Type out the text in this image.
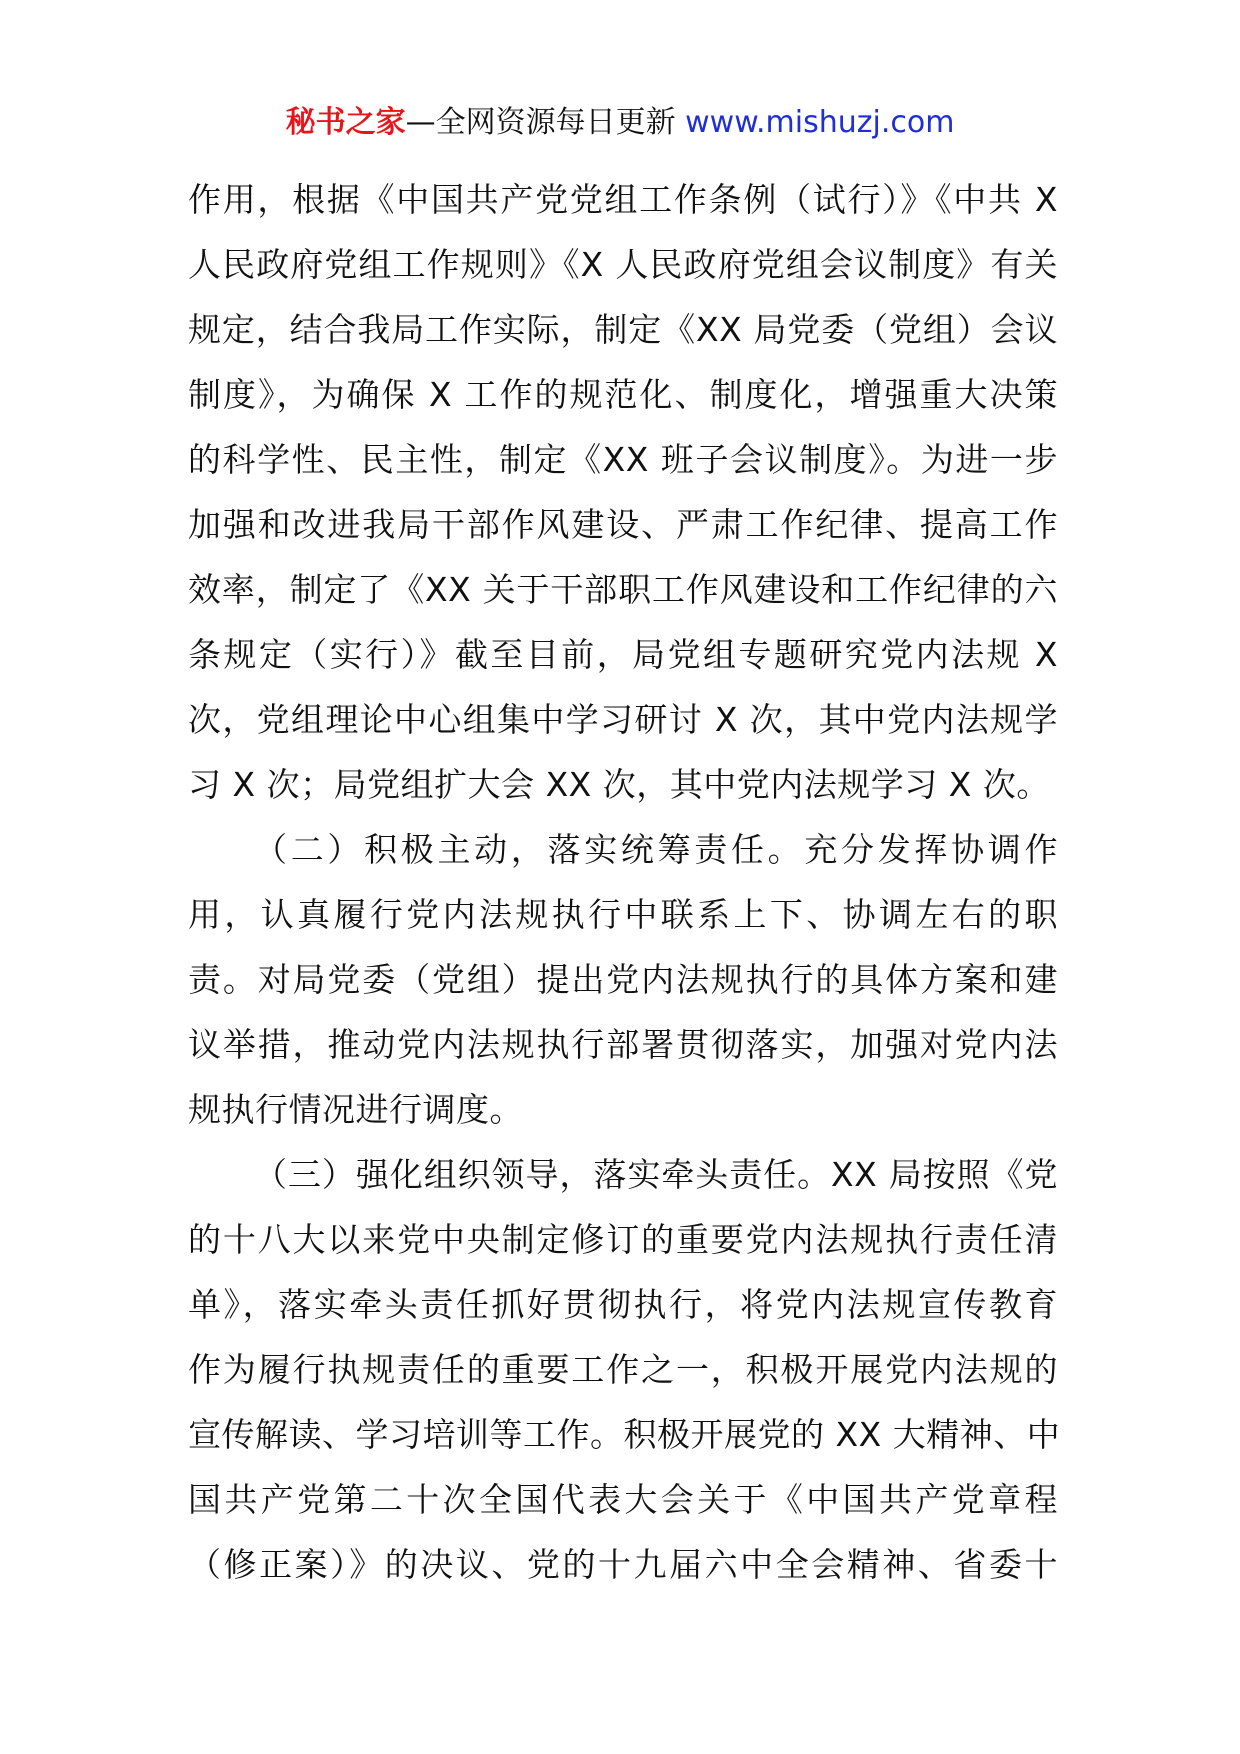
秘书之家—全网资源每日更新 www.mishuzj.com
作用，根据《中国共产党党组工作条例（试行）》《中共 X
人民政府党组工作规则》《X 人民政府党组会议制度》有关
规定，结合我局工作实际，制定《XX 局党委（党组）会议
制度》，为确保 X 工作的规范化、制度化，增强重大决策
的科学性、民主性，制定《XX 班子会议制度》。为进一步
加强和改进我局干部作风建设、严肃工作纪律、提高工作
效率，制定了《XX 关于干部职工作风建设和工作纪律的六
条规定（实行）》截至目前，局党组专题研究党内法规 X
次，党组理论中心组集中学习研讨 X 次，其中党内法规学
习 X 次；局党组扩大会 XX 次，其中党内法规学习 X 次。
（二）积极主动，落实统筹责任。充分发挥协调作
用，认真履行党内法规执行中联系上下、协调左右的职
责。对局党委（党组）提出党内法规执行的具体方案和建
议举措，推动党内法规执行部署贯彻落实，加强对党内法
规执行情况进行调度。
（三）强化组织领导，落实牵头责任。XX 局按照《党
的十八大以来党中央制定修订的重要党内法规执行责任清
单》，落实牵头责任抓好贯彻执行，将党内法规宣传教育
作为履行执规责任的重要工作之一，积极开展党内法规的
宣传解读、学习培训等工作。积极开展党的 XX 大精神、中
国共产党第二十次全国代表大会关于《中国共产党章程
（修正案）》的决议、党的十九届六中全会精神、省委十
